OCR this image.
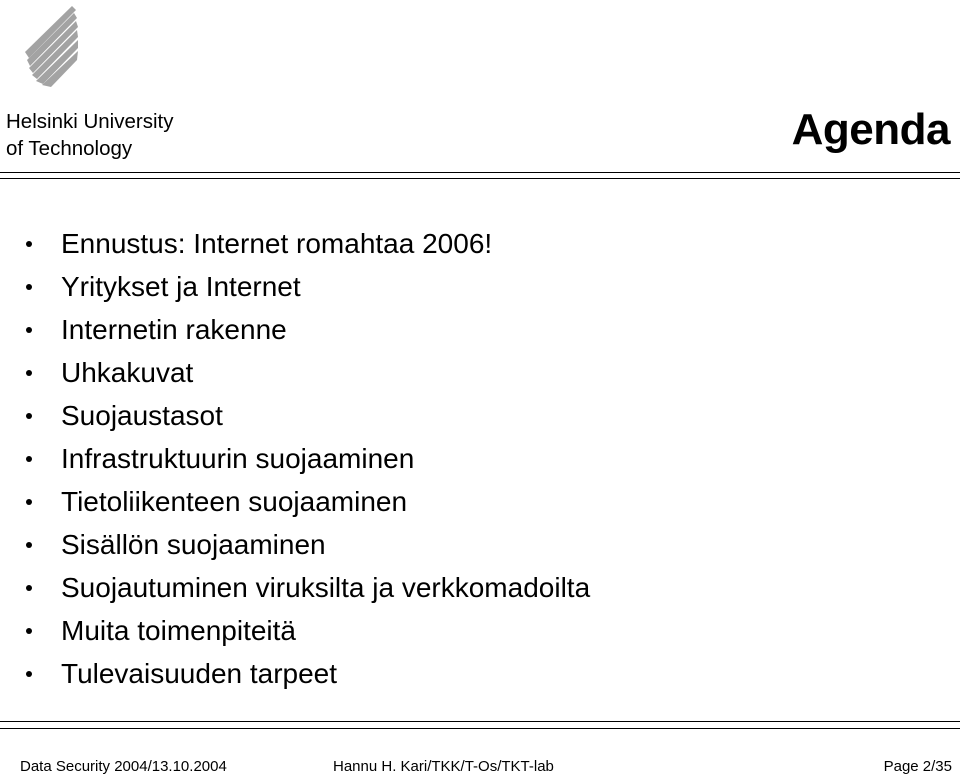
Helsinki University
of Technology	Agenda
Ennustus: Internet romahtaa 2006!
Yritykset ja Internet
Internetin rakenne
Uhkakuvat
Suojaustasot
Infrastruktuurin suojaaminen
Tietoliikenteen suojaaminen
Sisällön suojaaminen
Suojautuminen viruksilta ja verkkomadoilta
Muita toimenpiteitä
Tulevaisuuden tarpeet
Data Security 2004/13.10.2004	Hannu H. Kari/TKK/T-Os/TKT-lab	Page 2/35
